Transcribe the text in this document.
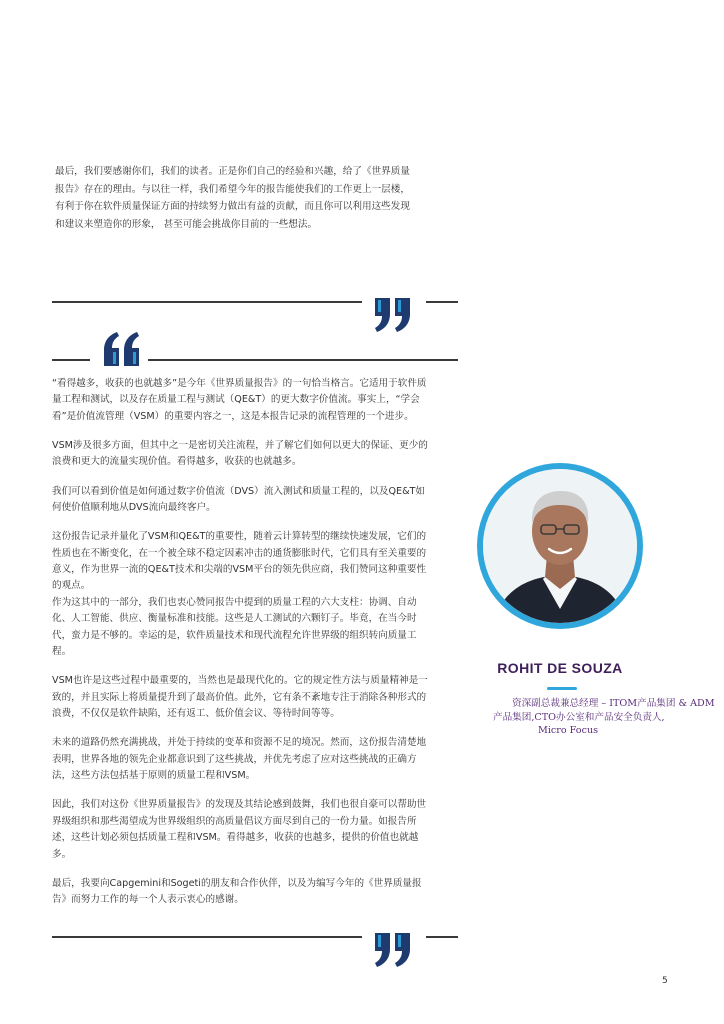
最后，我们要感谢你们，我们的读者。正是你们自己的经验和兴趣，给了《世界质量
报告》存在的理由。与以往一样，我们希望今年的报告能使我们的工作更上一层楼，
有利于你在软件质量保证方面的持续努力做出有益的贡献，而且你可以利用这些发现
和建议来塑造你的形象， 甚至可能会挑战你目前的一些想法。

“看得越多，收获的也就越多”是今年《世界质量报告》的一句恰当格言。它适用于软件质量工程和测试，以及存在质量工程与测试（QE&T）的更大数字价值流。事实上，“学会看”是价值流管理（VSM）的重要内容之一，这是本报告记录的流程管理的一个进步。

VSM涉及很多方面，但其中之一是密切关注流程，并了解它们如何以更大的保证、更少的浪费和更大的流量实现价值。看得越多，收获的也就越多。

我们可以看到价值是如何通过数字价值流（DVS）流入测试和质量工程的，以及QE&T如何使价值顺利地从DVS流向最终客户。

这份报告记录并量化了VSM和QE&T的重要性，随着云计算转型的继续快速发展，它们的性质也在不断变化，在一个被全球不稳定因素冲击的通货膨胀时代，它们具有至关重要的意义，作为世界一流的QE&T技术和尖端的VSM平台的领先供应商，我们赞同这种重要性的观点。

作为这其中的一部分，我们也衷心赞同报告中提到的质量工程的六大支柱：协调、自动化、人工智能、供应、衡量标准和技能。这些是人工测试的六颗钉子。毕竟，在当今时代，蛮力是不够的。幸运的是，软件质量技术和现代流程允许世界级的组织转向质量工程。

VSM也许是这些过程中最重要的，当然也是最现代化的。它的规定性方法与质量精神是一致的，并且实际上将质量提升到了最高价值。此外，它有条不紊地专注于消除各种形式的浪费，不仅仅是软件缺陷，还有返工、低价值会议、等待时间等等。

未来的道路仍然充满挑战，并处于持续的变革和资源不足的境况。然而，这份报告清楚地表明，世界各地的领先企业都意识到了这些挑战，并优先考虑了应对这些挑战的正确方法，这些方法包括基于原则的质量工程和VSM。

因此，我们对这份《世界质量报告》的发现及其结论感到鼓舞，我们也很自豪可以帮助世界级组织和那些渴望成为世界级组织的高质量倡议方面尽到自己的一份力量。如报告所述，这些计划必须包括质量工程和VSM。看得越多，收获的也越多，提供的价值也就越多。

最后，我要向Capgemini和Sogeti的朋友和合作伙伴，以及为编写今年的《世界质量报告》而努力工作的每一个人表示衷心的感谢。

ROHIT DE SOUZA
资深副总裁兼总经理 – ITOM产品集团 & ADM
产品集团,CTO办公室和产品安全负责人,
Micro Focus
5
